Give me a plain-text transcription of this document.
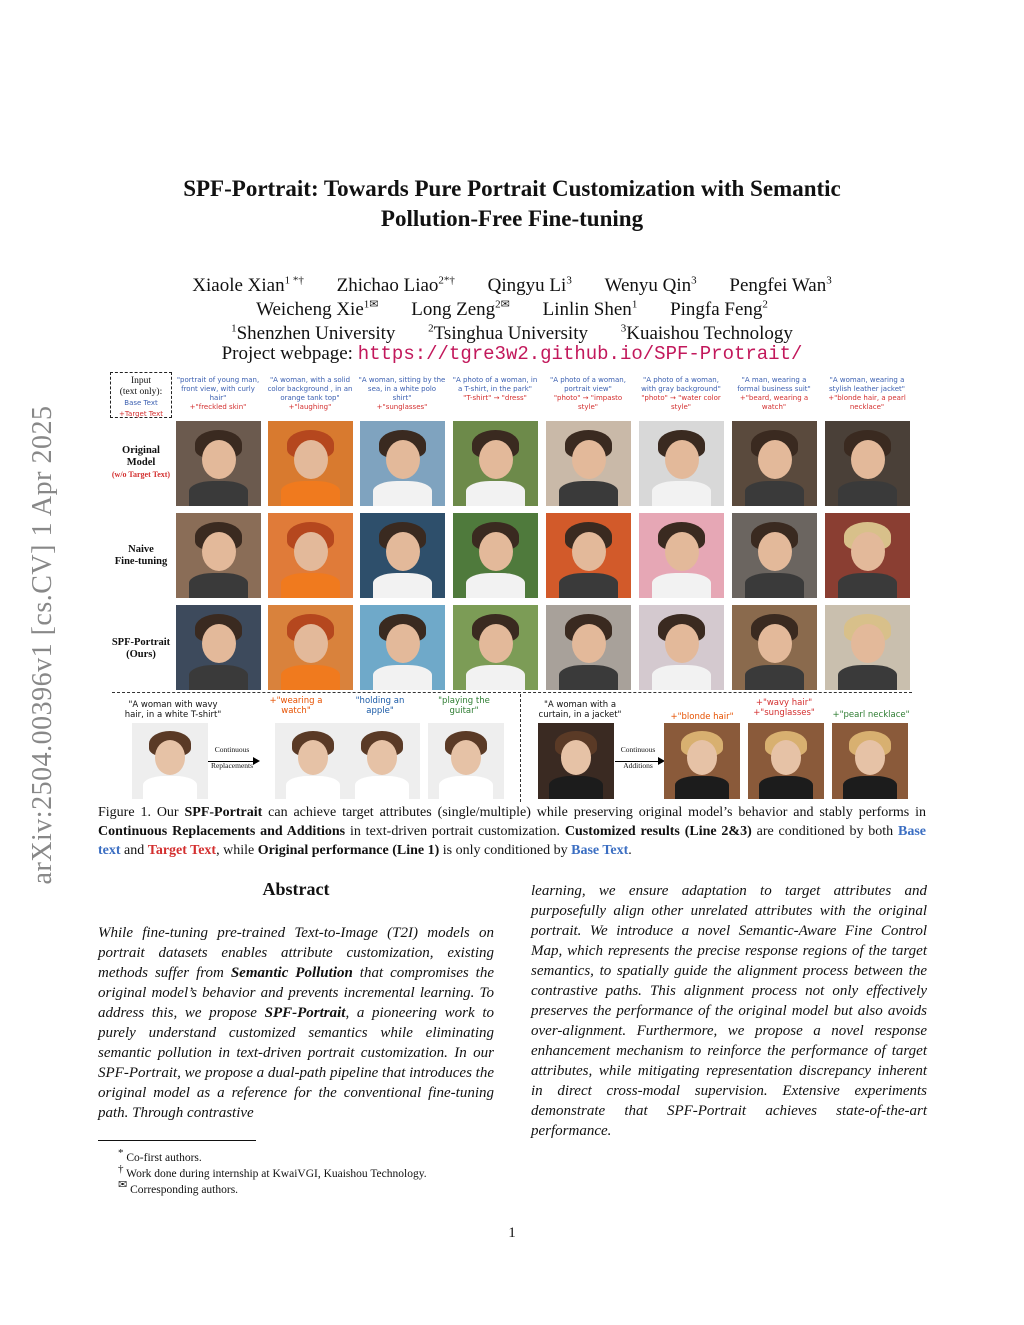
arXiv:2504.00396v1 [cs.CV] 1 Apr 2025
SPF-Portrait: Towards Pure Portrait Customization with Semantic
Pollution-Free Fine-tuning
Xiaole Xian$^{1 *\dagger}$ Zhichao Liao$^{2*\dagger}$ Qingyu Li$^3$ Wenyu Qin$^3$ Pengfei Wan$^3$
Weicheng Xie$^{1✉}$ Long Zeng$^{2✉}$ Linlin Shen$^1$ Pingfa Feng$^2$
$^1$Shenzhen University	$^2$Tsinghua University	$^3$Kuaishou Technology
Project webpage: https://tgre3w2.github.io/SPF-Protrait/
Input
(text only):
Base Text
+Target Text
Original
Model
(w/o Target Text)
Naive
Fine-tuning
SPF-Portrait
(Ours)
"portrait of young man, front view, with curly hair"
+"freckled skin"
"A woman, with a solid color background , in an orange tank top"
+"laughing"
"A woman, sitting by the sea, in a white polo shirt"
+"sunglasses"
"A photo of a woman, in a T-shirt, in the park"
"T-shirt" → "dress"
"A photo of a woman, portrait view"
"photo" → "impasto style"
"A photo of a woman, with gray background"
"photo" → "water color style"
"A man, wearing a formal business suit"
+"beard, wearing a watch"
"A woman, wearing a stylish leather jacket"
+"blonde hair, a pearl necklace"
"A woman with wavy hair, in a white T-shirt"
+"wearing a watch"
"holding an apple"
"playing the guitar"
Continuous
Replacements
"A woman with a curtain, in a jacket"	+"blonde hair"
+"wavy hair" +"sunglasses"	+"pearl necklace"
Continuous
Additions
Figure 1. Our SPF-Portrait can achieve target attributes (single/multiple) while preserving original model’s behavior and stably performs in Continuous Replacements and Additions in text-driven portrait customization. Customized results (Line 2&3) are conditioned by both Base text and Target Text, while Original performance (Line 1) is only conditioned by Base Text.
Abstract
While fine-tuning pre-trained Text-to-Image (T2I) models on portrait datasets enables attribute customization, existing methods suffer from Semantic Pollution that compromises the original model’s behavior and prevents incremental learning. To address this, we propose SPF-Portrait, a pioneering work to purely understand customized semantics while eliminating semantic pollution in text-driven portrait customization. In our SPF-Portrait, we propose a dual-path pipeline that introduces the original model as a reference for the conventional fine-tuning path. Through contrastive
learning, we ensure adaptation to target attributes and purposefully align other unrelated attributes with the original portrait. We introduce a novel Semantic-Aware Fine Control Map, which represents the precise response regions of the target semantics, to spatially guide the alignment process between the contrastive paths. This alignment process not only effectively preserves the performance of the original model but also avoids over-alignment. Furthermore, we propose a novel response enhancement mechanism to reinforce the performance of target attributes, while mitigating representation discrepancy inherent in direct cross-modal supervision. Extensive experiments demonstrate that SPF-Portrait achieves state-of-the-art performance.
* Co-first authors.
† Work done during internship at KwaiVGI, Kuaishou Technology.
✉ Corresponding authors.
1
